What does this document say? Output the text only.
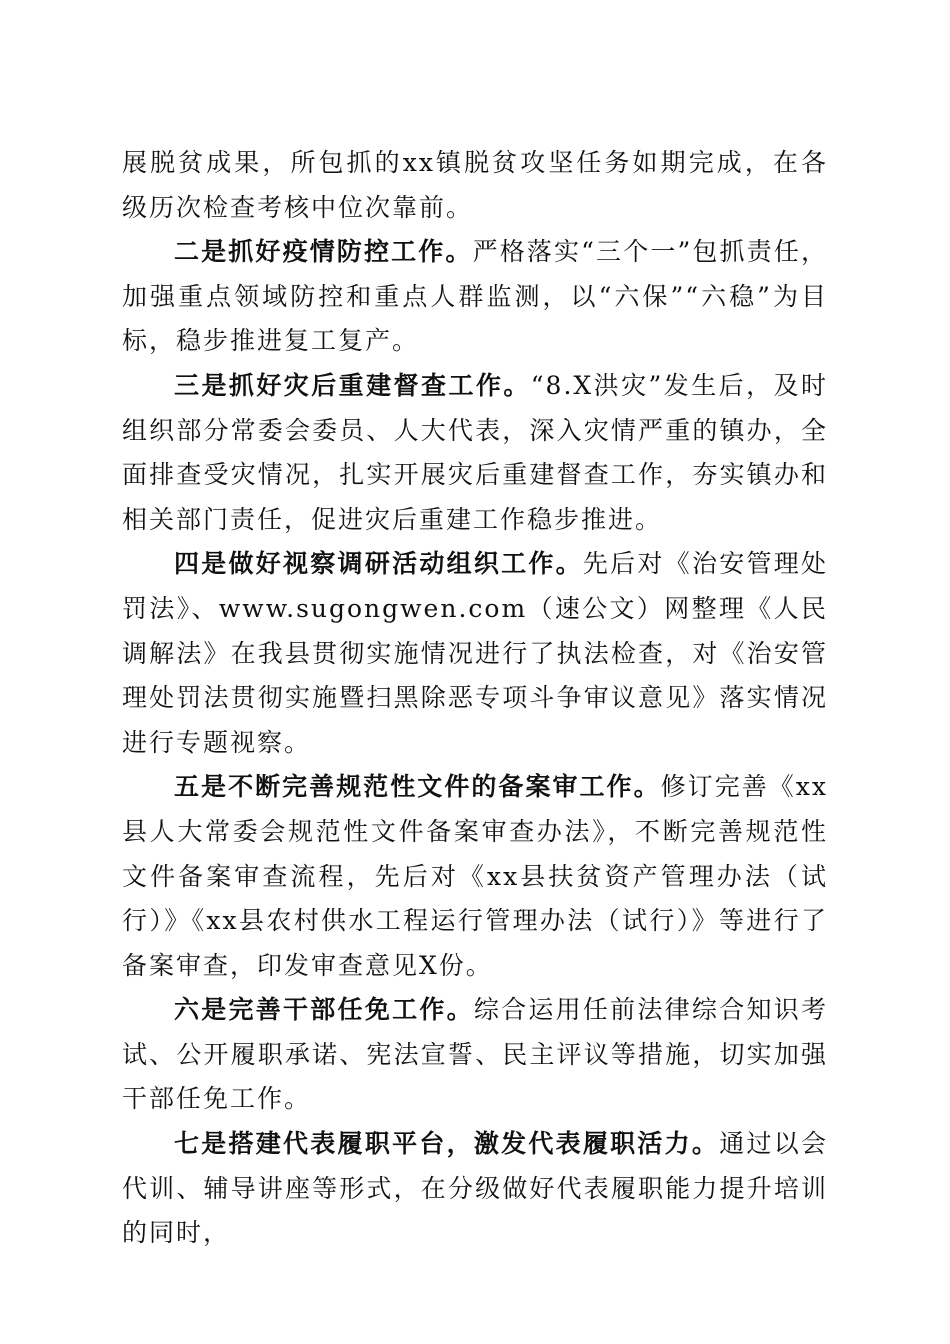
展脱贫成果，所包抓的xx镇脱贫攻坚任务如期完成，在各级历次检查考核中位次靠前。

二是抓好疫情防控工作。严格落实“三个一”包抓责任，加强重点领域防控和重点人群监测，以“六保”“六稳”为目标，稳步推进复工复产。

三是抓好灾后重建督查工作。“8.X洪灾”发生后，及时组织部分常委会委员、人大代表，深入灾情严重的镇办，全面排查受灾情况，扎实开展灾后重建督查工作，夯实镇办和相关部门责任，促进灾后重建工作稳步推进。

四是做好视察调研活动组织工作。先后对《治安管理处罚法》、www.sugongwen.com（速公文）网整理《人民调解法》在我县贯彻实施情况进行了执法检查，对《治安管理处罚法贯彻实施暨扫黑除恶专项斗争审议意见》落实情况进行专题视察。

五是不断完善规范性文件的备案审工作。修订完善《xx县人大常委会规范性文件备案审查办法》，不断完善规范性文件备案审查流程，先后对《xx县扶贫资产管理办法（试行）》《xx县农村供水工程运行管理办法（试行）》等进行了备案审查，印发审查意见X份。

六是完善干部任免工作。综合运用任前法律综合知识考试、公开履职承诺、宪法宣誓、民主评议等措施，切实加强干部任免工作。

七是搭建代表履职平台，激发代表履职活力。通过以会代训、辅导讲座等形式，在分级做好代表履职能力提升培训的同时，
